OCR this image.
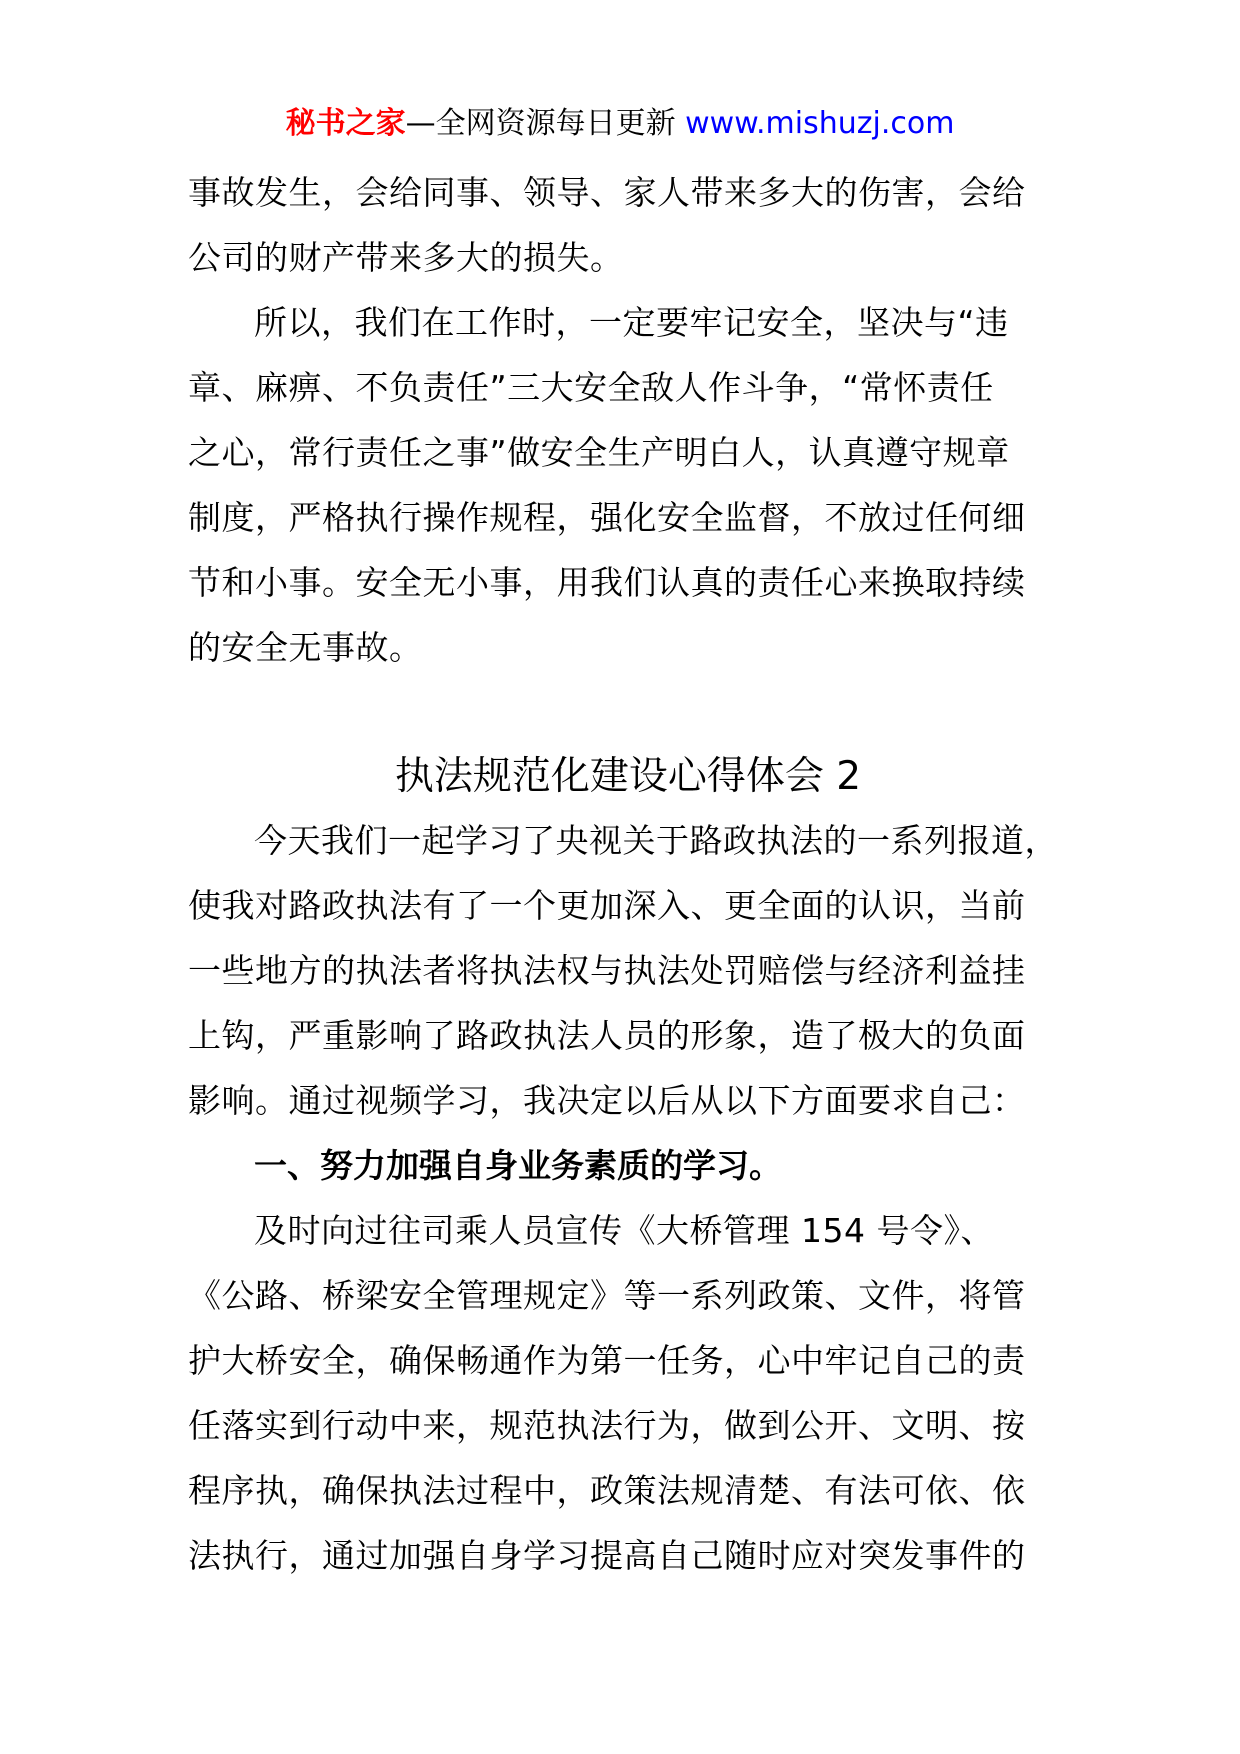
秘书之家—全网资源每日更新 www.mishuzj.com

事故发生，会给同事、领导、家人带来多大的伤害，会给
公司的财产带来多大的损失。

所以，我们在工作时，一定要牢记安全，坚决与“违
章、麻痹、不负责任”三大安全敌人作斗争，“常怀责任
之心，常行责任之事”做安全生产明白人，认真遵守规章
制度，严格执行操作规程，强化安全监督，不放过任何细
节和小事。安全无小事，用我们认真的责任心来换取持续
的安全无事故。

执法规范化建设心得体会 2

今天我们一起学习了央视关于路政执法的一系列报道，
使我对路政执法有了一个更加深入、更全面的认识，当前
一些地方的执法者将执法权与执法处罚赔偿与经济利益挂
上钩，严重影响了路政执法人员的形象，造了极大的负面
影响。通过视频学习，我决定以后从以下方面要求自己：

一、努力加强自身业务素质的学习。

及时向过往司乘人员宣传《大桥管理 154 号令》、
《公路、桥梁安全管理规定》等一系列政策、文件，将管
护大桥安全，确保畅通作为第一任务，心中牢记自己的责
任落实到行动中来，规范执法行为，做到公开、文明、按
程序执，确保执法过程中，政策法规清楚、有法可依、依
法执行，通过加强自身学习提高自己随时应对突发事件的
